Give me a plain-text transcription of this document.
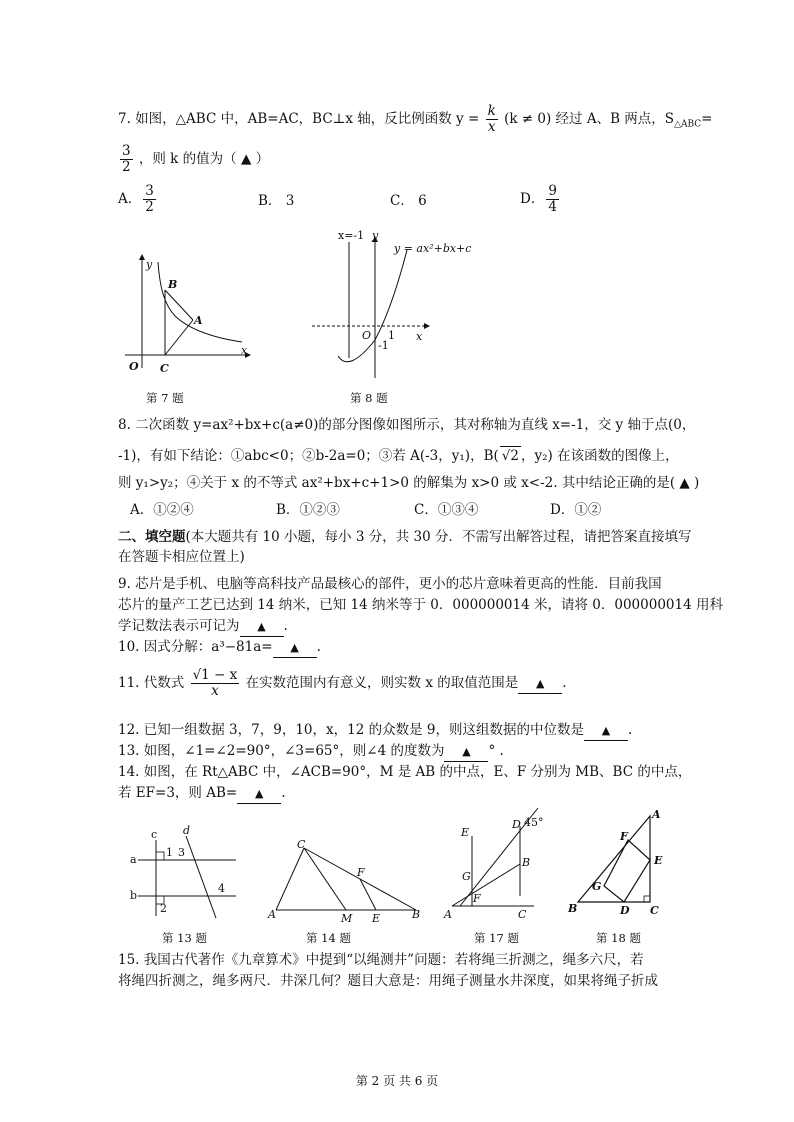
7. 如图，△ABC 中，AB=AC，BC⊥x 轴，反比例函数 $y = \frac{k}{x} (k \ne 0)$ 经过 A、B 两点，$S_{\triangle ABC}=$
$\frac{3}{2}$ ，则 k 的值为（ ▲ ）
A． $\frac{3}{2}$	B． 3	C． 6	D． $\frac{9}{4}$
y
B
A
O C
x
第 7 题
x=-1 y
y = ax²+bx+c
O 1
-1
x
第 8 题
8. 二次函数 y=ax²+bx+c(a≠0)的部分图像如图所示，其对称轴为直线 x=-1，交 y 轴于点(0，
-1)，有如下结论：①abc<0；②b-2a=0；③若 A(-3，y₁)，B( √2 ，y₂) 在该函数的图像上，
则 y₁>y₂；④关于 x 的不等式 ax²+bx+c+1>0 的解集为 x>0 或 x<-2. 其中结论正确的是( ▲ )
A．①②④	B．①②③	C．①③④	D．①②
二、填空题(本大题共有 10 小题，每小 3 分，共 30 分．不需写出解答过程，请把答案直接填写
在答题卡相应位置上)
9. 芯片是手机、电脑等高科技产品最核心的部件，更小的芯片意味着更高的性能．目前我国
芯片的量产工艺已达到 14 纳米，已知 14 纳米等于 0．000000014 米，请将 0．000000014 用科
学记数法表示可记为 ▲ .
10. 因式分解：a³−81a= ▲ .
11. 代数式 $\frac{√1 - x}{x}$ 在实数范围内有意义，则实数 x 的取值范围是 ▲ .
12. 已知一组数据 3，7，9，10，x，12 的众数是 9，则这组数据的中位数是 ▲ .
13. 如图，∠1=∠2=90°，∠3=65°，则∠4 的度数为 ▲ ° .
14. 如图，在 Rt△ABC 中，∠ACB=90°，M 是 AB 的中点，E、F 分别为 MB、BC 的中点，
若 EF=3，则 AB= ▲ .
c d
1 3
a
b
2
4
第 13 题
C
F
A	M E	B
第 14 题
E
D 45°
B
G
F
A	C
第 17 题
A
F
E
G
B	D C
第 18 题
15. 我国古代著作《九章算术》中提到“以绳测井”问题：若将绳三折测之，绳多六尺，若
将绳四折测之，绳多两尺．井深几何？题目大意是：用绳子测量水井深度，如果将绳子折成
第 2 页 共 6 页
